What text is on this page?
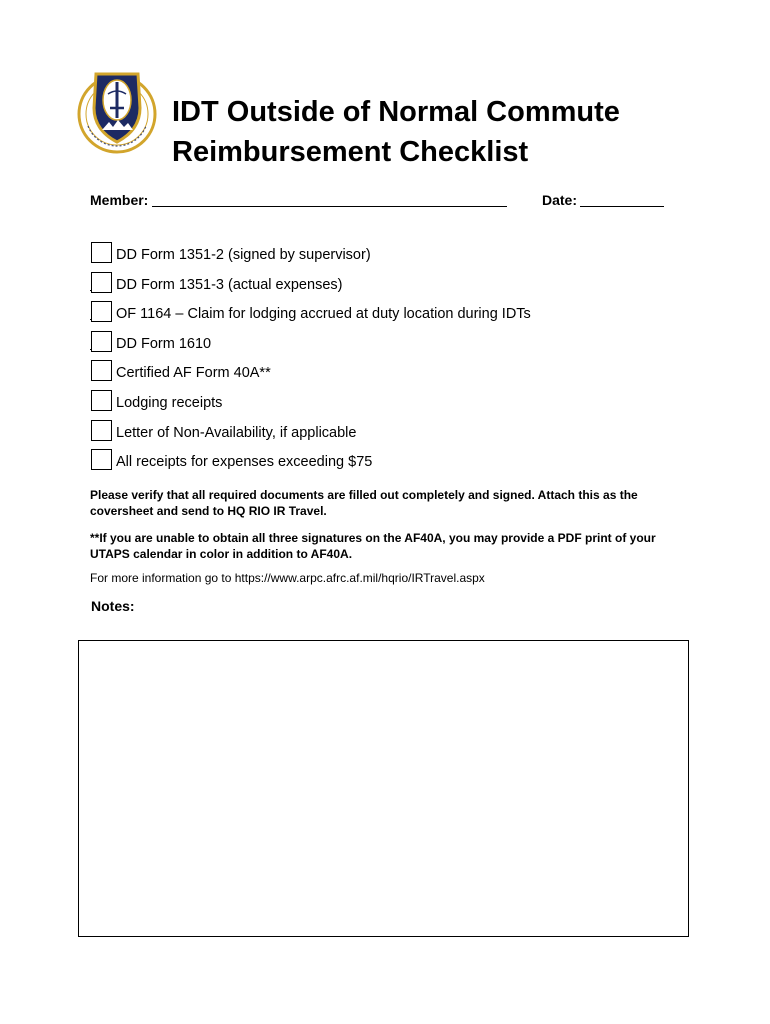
IDT Outside of Normal Commute
Reimbursement Checklist
Member:	Date:
DD Form 1351-2 (signed by supervisor)
DD Form 1351-3 (actual expenses)
OF 1164 – Claim for lodging accrued at duty location during IDTs
DD Form 1610
Certified AF Form 40A**
Lodging receipts
Letter of Non-Availability, if applicable
All receipts for expenses exceeding $75

Please verify that all required documents are filled out completely and signed. Attach this as the coversheet and send to HQ RIO IR Travel.

**If you are unable to obtain all three signatures on the AF40A, you may provide a PDF print of your UTAPS calendar in color in addition to AF40A.

For more information go to https://www.arpc.afrc.af.mil/hqrio/IRTravel.aspx

Notes:
